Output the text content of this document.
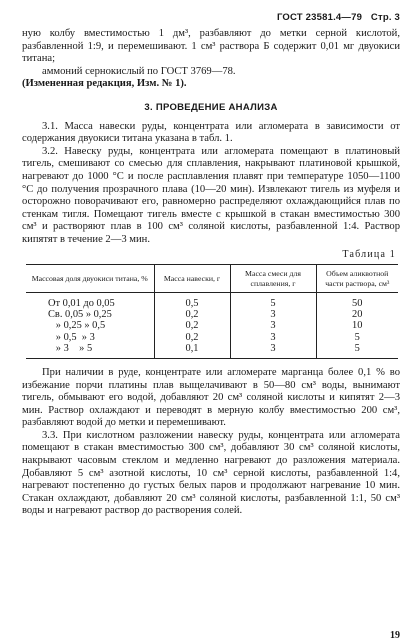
ГОСТ 23581.4—79 Стр. 3

ную колбу вместимостью 1 дм³, разбавляют до метки серной кислотой, разбавленной 1:9, и перемешивают. 1 см³ раствора Б содержит 0,01 мг двуокиси титана;

аммоний сернокислый по ГОСТ 3769—78.

(Измененная редакция, Изм. № 1).

3. ПРОВЕДЕНИЕ АНАЛИЗА

3.1. Масса навески руды, концентрата или агломерата в зависимости от содержания двуокиси титана указана в табл. 1.

3.2. Навеску руды, концентрата или агломерата помещают в платиновый тигель, смешивают со смесью для сплавления, накрывают платиновой крышкой, нагревают до 1000 °С и после расплавления плавят при температуре 1050—1100 °С до получения прозрачного плава (10—20 мин). Извлекают тигель из муфеля и осторожно поворачивают его, равномерно распределяют охлаждающийся плав по стенкам тигля. Помещают тигель вместе с крышкой в стакан вместимостью 300 см³ и растворяют плав в 100 см³ соляной кислоты, разбавленной 1:4. Раствор кипятят в течение 2—3 мин.

Таблица 1
Массовая доля двуокиси титана, %	Масса навески, г	Масса смеси для сплавления, г	Объем аликвотной части раствора, см³
От 0,01 до 0,05	0,5	5	50
Св. 0,05 » 0,25	0,2	3	20
» 0,25 » 0,5	0,2	3	10
» 0,5  » 3	0,2	3	5
» 3    » 5	0,1	3	5

При наличии в руде, концентрате или агломерате марганца более 0,1 % во избежание порчи платины плав выщелачивают в 50—80 см³ воды, вынимают тигель, обмывают его водой, добавляют 20 см³ соляной кислоты и кипятят 2—3 мин. Раствор охлаждают и переводят в мерную колбу вместимостью 200 см³, разбавляют водой до метки и перемешивают.

3.3. При кислотном разложении навеску руды, концентрата или агломерата помещают в стакан вместимостью 300 см³, добавляют 30 см³ соляной кислоты, накрывают часовым стеклом и медленно нагревают до разложения материала. Добавляют 5 см³ азотной кислоты, 10 см³ серной кислоты, разбавленной 1:4, нагревают постепенно до густых белых паров и продолжают нагревание 10 мин. Стакан охлаждают, добавляют 20 см³ соляной кислоты, разбавленной 1:1, 50 см³ воды и нагревают раствор до растворения солей.

19
